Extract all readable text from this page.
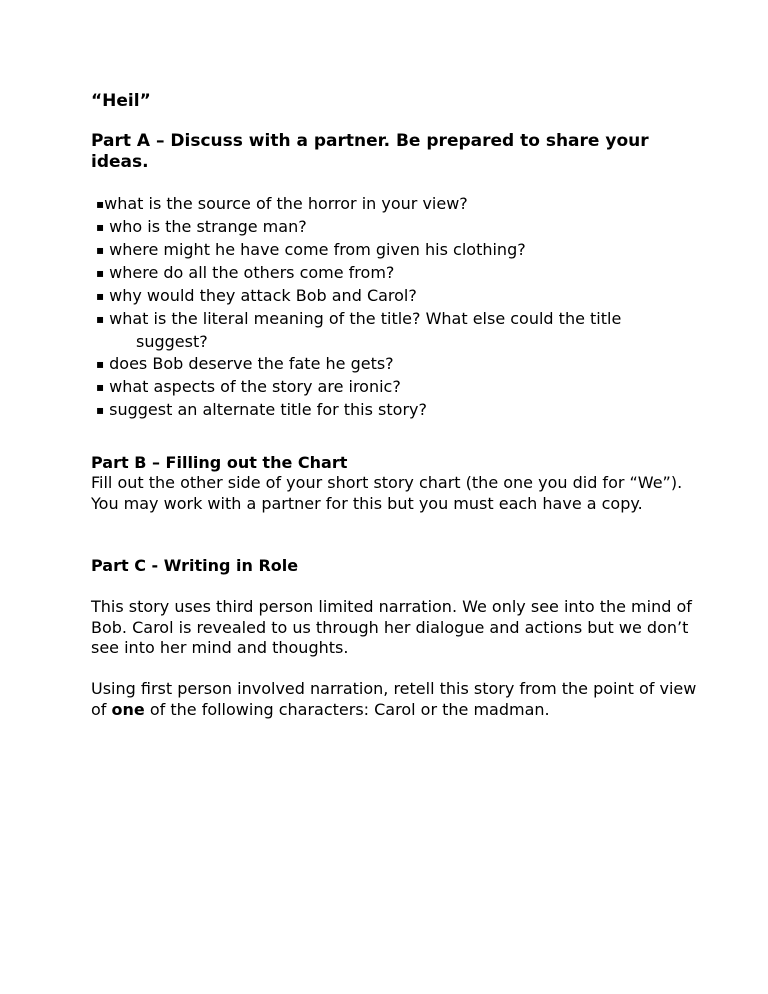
“Heil”
Part A – Discuss with a partner. Be prepared to share your ideas.
▪what is the source of the horror in your view?
▪ who is the strange man?
▪ where might he have come from given his clothing?
▪ where do all the others come from?
▪ why would they attack Bob and Carol?
▪ what is the literal meaning of the title? What else could the title
suggest?
▪ does Bob deserve the fate he gets?
▪ what aspects of the story are ironic?
▪ suggest an alternate title for this story?
Part B – Filling out the Chart
Fill out the other side of your short story chart (the one you did for “We”). You may work with a partner for this but you must each have a copy.
Part C - Writing in Role
This story uses third person limited narration. We only see into the mind of Bob. Carol is revealed to us through her dialogue and actions but we don’t see into her mind and thoughts.
Using first person involved narration, retell this story from the point of view of one of the following characters: Carol or the madman.
